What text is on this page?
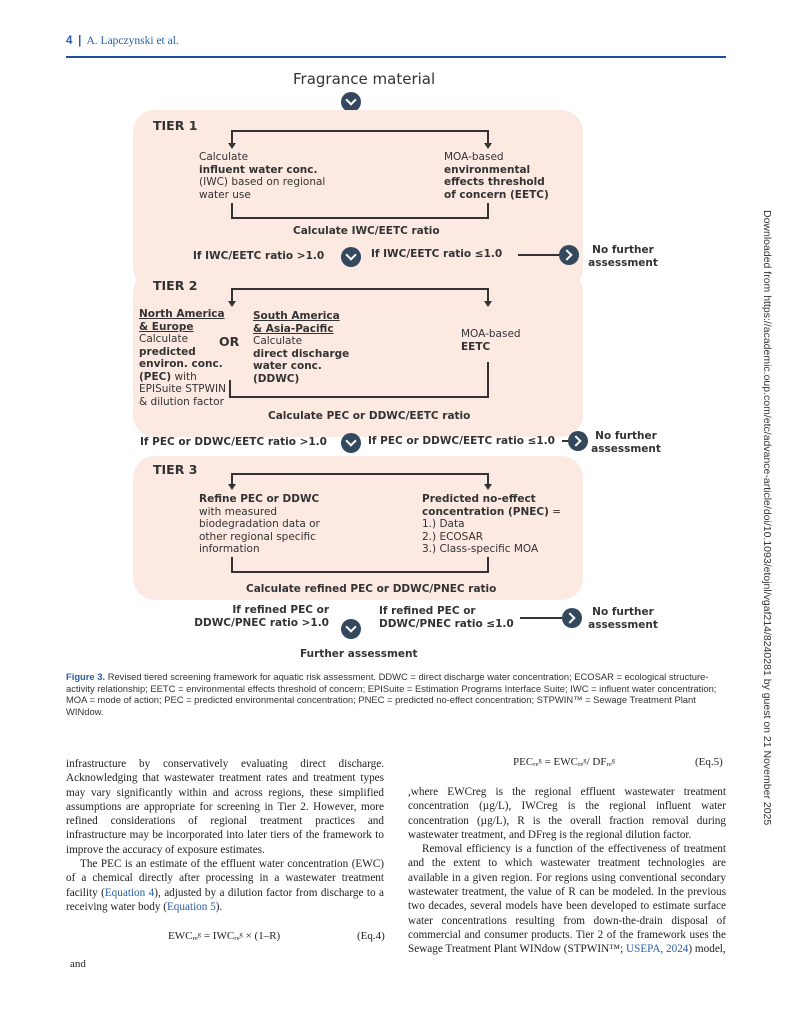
4 | A. Lapczynski et al.
Downloaded from https://academic.oup.com/etc/advance-article/doi/10.1093/etojnl/vgaf214/8240281 by guest on 21 November 2025
Fragrance material
TIER 1
Calculate
influent water conc.
(IWC) based on regional
water use
MOA-based
environmental
effects threshold
of concern (EETC)
Calculate IWC/EETC ratio
If IWC/EETC ratio >1.0	If IWC/EETC ratio ≤1.0	No further
assessment
TIER 2
North America
& Europe
Calculate
predicted
environ. conc.
(PEC) with
EPISuite STPWIN
& dilution factor
OR
South America
& Asia-Pacific
Calculate
direct discharge
water conc.
(DDWC)
MOA-based
EETC
Calculate PEC or DDWC/EETC ratio
If PEC or DDWC/EETC ratio >1.0	If PEC or DDWC/EETC ratio ≤1.0	No further
assessment
TIER 3
Refine PEC or DDWC
with measured
biodegradation data or
other regional specific
information
Predicted no-effect
concentration (PNEC) =
1.) Data
2.) ECOSAR
3.) Class-specific MOA
Calculate refined PEC or DDWC/PNEC ratio
If refined PEC or
DDWC/PNEC ratio >1.0
If refined PEC or
DDWC/PNEC ratio ≤1.0
No further
assessment
Further assessment
Figure 3. Revised tiered screening framework for aquatic risk assessment. DDWC = direct discharge water concentration; ECOSAR = ecological structure-activity relationship; EETC = environmental effects threshold of concern; EPISuite = Estimation Programs Interface Suite; IWC = influent water concentration; MOA = mode of action; PEC = predicted environmental concentration; PNEC = predicted no-effect concentration; STPWIN™ = Sewage Treatment Plant WINdow.

infrastructure by conservatively evaluating direct discharge. Acknowledging that wastewater treatment rates and treatment types may vary significantly within and across regions, these simplified assumptions are appropriate for screening in Tier 2. However, more refined considerations of regional treatment practices and infrastructure may be incorporated into later tiers of the framework to improve the accuracy of exposure estimates.

The PEC is an estimate of the effluent water concentration (EWC) of a chemical directly after processing in a wastewater treatment facility (Equation 4), adjusted by a dilution factor from discharge to a receiving water body (Equation 5).

EWCᵣₑᵍ = IWCᵣₑᵍ × (1–R)	(Eq.4)
and
PECᵣₑᵍ = EWCᵣₑᵍ/ DFᵣₑᵍ	(Eq.5)

,where EWCreg is the regional effluent wastewater treatment concentration (µg/L), IWCreg is the regional influent water concentration (µg/L), R is the overall fraction removal during wastewater treatment, and DFreg is the regional dilution factor.

Removal efficiency is a function of the effectiveness of treatment and the extent to which wastewater treatment technologies are available in a given region. For regions using conventional secondary wastewater treatment, the value of R can be modeled. In the previous two decades, several models have been developed to estimate surface water concentrations resulting from down-the-drain disposal of commercial and consumer products. Tier 2 of the framework uses the Sewage Treatment Plant WINdow (STPWIN™; USEPA, 2024) model,
